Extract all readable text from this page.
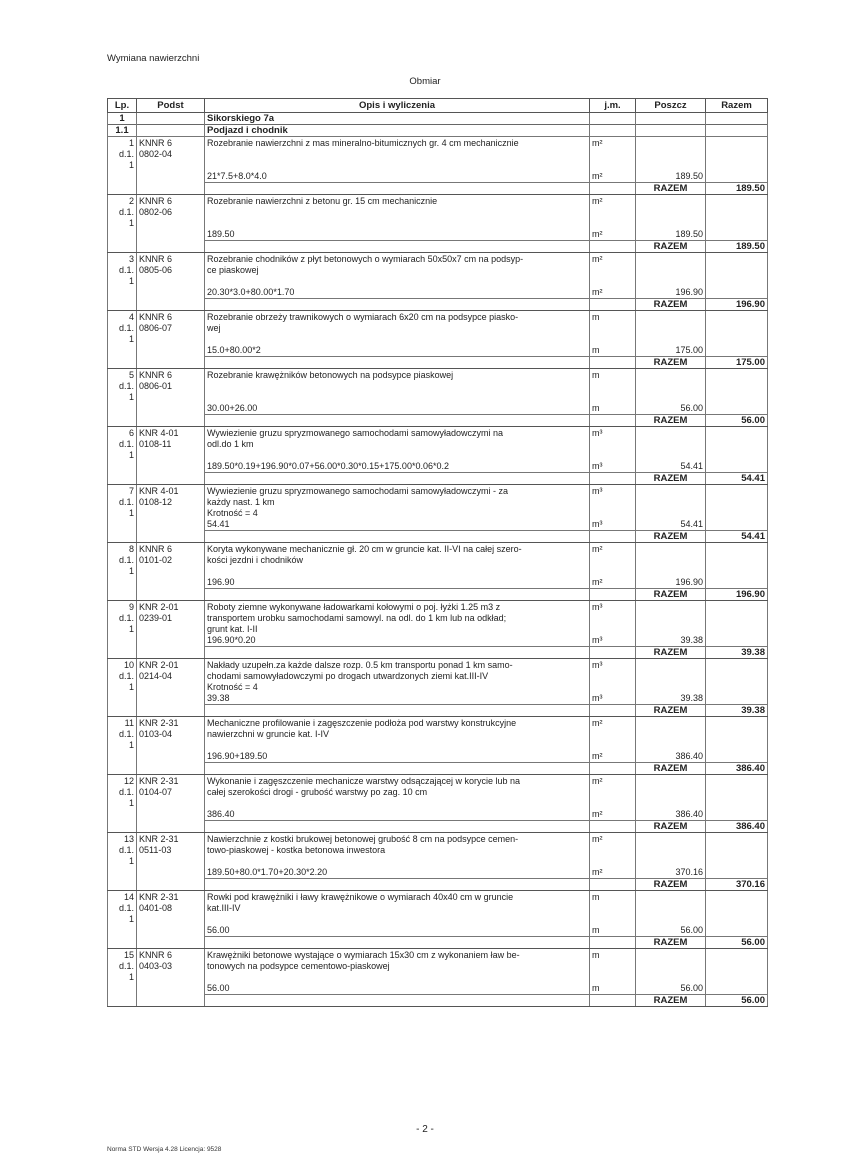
Wymiana nawierzchni
Obmiar
Lp.	Podst	Opis i wyliczenia	j.m.	Poszcz	Razem
1		Sikorskiego 7a			
1.1		Podjazd i chodnik			
1	KNNR 6	Rozebranie nawierzchni z mas mineralno-bitumicznych gr. 4 cm mechanicznie	m²		
d.1.	0802-04				
1					
		21*7.5+8.0*4.0	m²	189.50	
				RAZEM	189.50
2	KNNR 6	Rozebranie nawierzchni z betonu gr. 15 cm mechanicznie	m²		
d.1.	0802-06				
1					
		189.50	m²	189.50	
				RAZEM	189.50
3	KNNR 6	Rozebranie chodników z płyt betonowych o wymiarach 50x50x7 cm na podsyp-	m²		
d.1.	0805-06	ce piaskowej			
1					
		20.30*3.0+80.00*1.70	m²	196.90	
				RAZEM	196.90
4	KNNR 6	Rozebranie obrzeży trawnikowych o wymiarach 6x20 cm na podsypce piasko-	m		
d.1.	0806-07	wej			
1					
		15.0+80.00*2	m	175.00	
				RAZEM	175.00
5	KNNR 6	Rozebranie krawężników betonowych na podsypce piaskowej	m		
d.1.	0806-01				
1					
		30.00+26.00	m	56.00	
				RAZEM	56.00
6	KNR 4-01	Wywiezienie gruzu spryzmowanego samochodami samowyładowczymi na	m³		
d.1.	0108-11	odl.do 1 km			
1					
		189.50*0.19+196.90*0.07+56.00*0.30*0.15+175.00*0.06*0.2	m³	54.41	
				RAZEM	54.41
7	KNR 4-01	Wywiezienie gruzu spryzmowanego samochodami samowyładowczymi - za	m³		
d.1.	0108-12	każdy nast. 1 km			
1		Krotność = 4			
		54.41	m³	54.41	
				RAZEM	54.41
8	KNNR 6	Koryta wykonywane mechanicznie gł. 20 cm w gruncie kat. II-VI na całej szero-	m²		
d.1.	0101-02	kości jezdni i chodników			
1					
		196.90	m²	196.90	
				RAZEM	196.90
9	KNR 2-01	Roboty ziemne wykonywane ładowarkami kołowymi o poj. łyżki 1.25 m3 z	m³		
d.1.	0239-01	transportem urobku samochodami samowyl. na odl. do 1 km lub na odkład;			
1		grunt kat. I-II			
		196.90*0.20	m³	39.38	
				RAZEM	39.38
10	KNR 2-01	Nakłady uzupełn.za każde dalsze rozp. 0.5 km transportu ponad 1 km samo-	m³		
d.1.	0214-04	chodami samowyładowczymi po drogach utwardzonych ziemi kat.III-IV			
1		Krotność = 4			
		39.38	m³	39.38	
				RAZEM	39.38
11	KNR 2-31	Mechaniczne profilowanie i zagęszczenie podłoża pod warstwy konstrukcyjne	m²		
d.1.	0103-04	nawierzchni w gruncie kat. I-IV			
1					
		196.90+189.50	m²	386.40	
				RAZEM	386.40
12	KNR 2-31	Wykonanie i zagęszczenie mechanicze warstwy odsączającej w korycie lub na	m²		
d.1.	0104-07	całej szerokości drogi - grubość warstwy po zag. 10 cm			
1					
		386.40	m²	386.40	
				RAZEM	386.40
13	KNR 2-31	Nawierzchnie z kostki brukowej betonowej grubość 8 cm na podsypce cemen-	m²		
d.1.	0511-03	towo-piaskowej - kostka betonowa inwestora			
1					
		189.50+80.0*1.70+20.30*2.20	m²	370.16	
				RAZEM	370.16
14	KNR 2-31	Rowki pod krawężniki i ławy krawężnikowe o wymiarach 40x40 cm w gruncie	m		
d.1.	0401-08	kat.III-IV			
1					
		56.00	m	56.00	
				RAZEM	56.00
15	KNNR 6	Krawężniki betonowe wystające o wymiarach 15x30 cm z wykonaniem ław be-	m		
d.1.	0403-03	tonowych na podsypce cementowo-piaskowej			
1					
		56.00	m	56.00	
				RAZEM	56.00
- 2 -
Norma STD Wersja 4.28 Licencja: 9528
